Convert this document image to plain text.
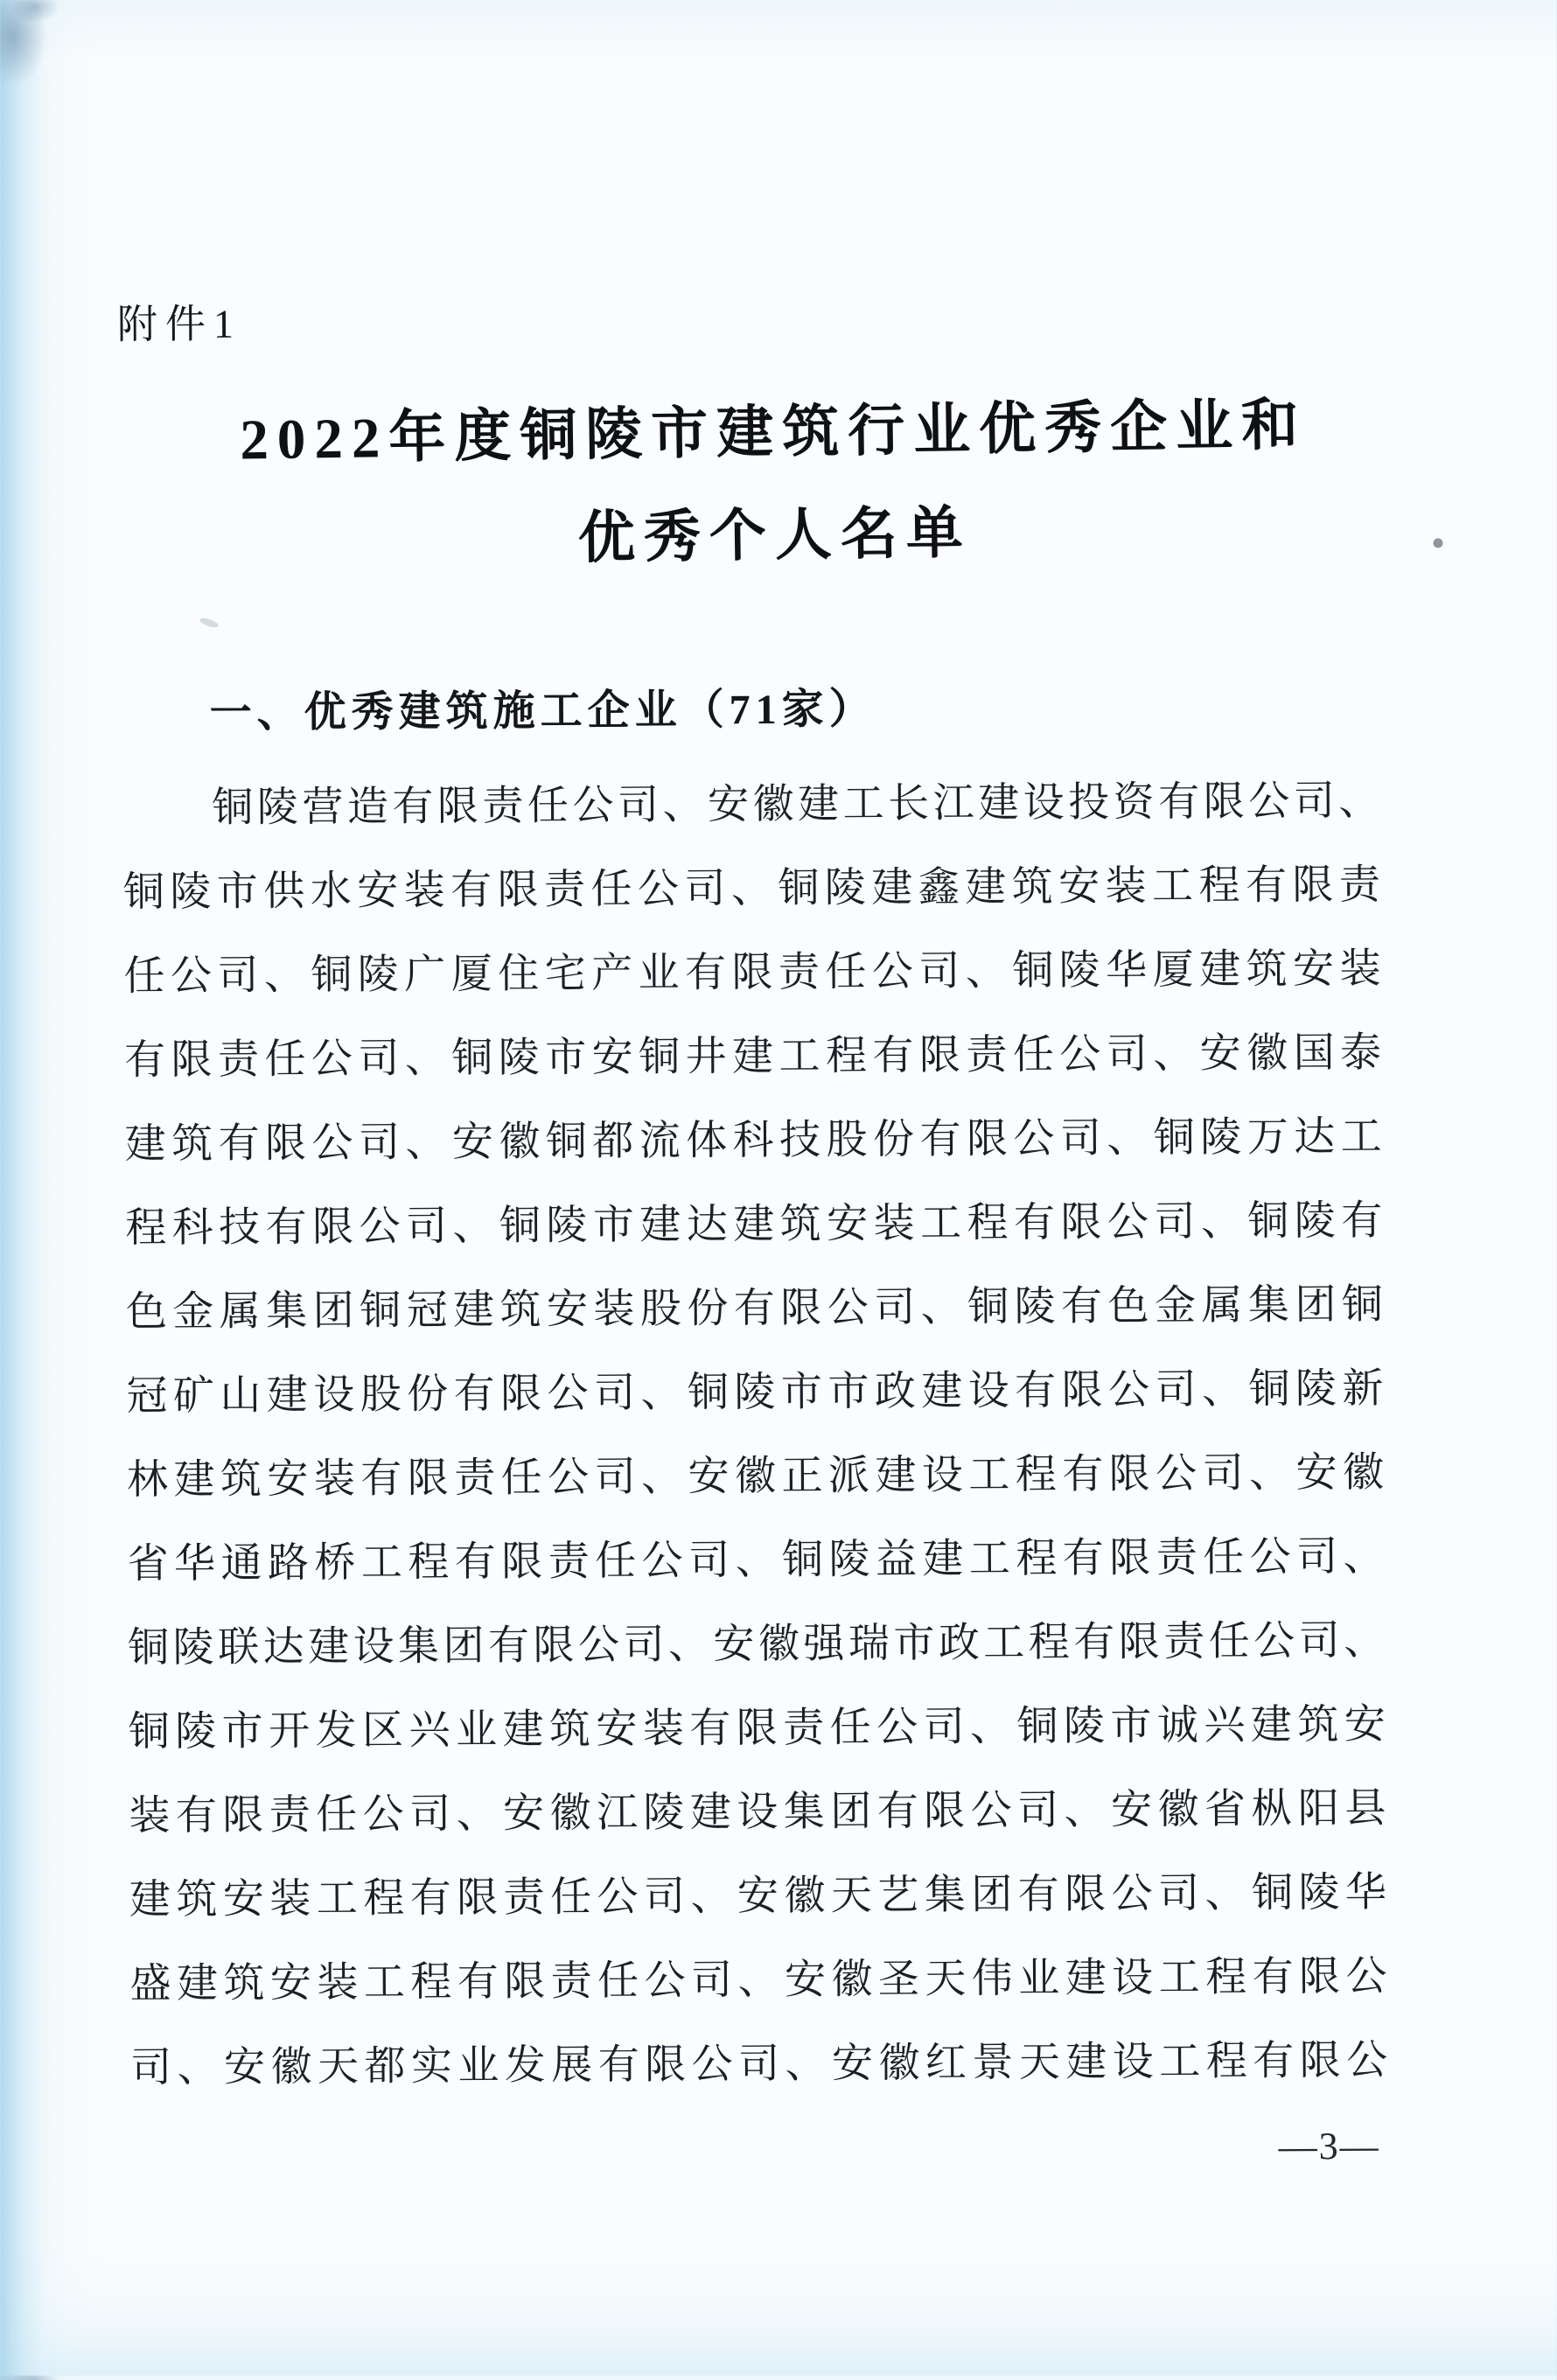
附件1
2022年度铜陵市建筑行业优秀企业和
优秀个人名单
一、优秀建筑施工企业（71家）
铜陵营造有限责任公司、安徽建工长江建设投资有限公司、
铜陵市供水安装有限责任公司、铜陵建鑫建筑安装工程有限责
任公司、铜陵广厦住宅产业有限责任公司、铜陵华厦建筑安装
有限责任公司、铜陵市安铜井建工程有限责任公司、安徽国泰
建筑有限公司、安徽铜都流体科技股份有限公司、铜陵万达工
程科技有限公司、铜陵市建达建筑安装工程有限公司、铜陵有
色金属集团铜冠建筑安装股份有限公司、铜陵有色金属集团铜
冠矿山建设股份有限公司、铜陵市市政建设有限公司、铜陵新
林建筑安装有限责任公司、安徽正派建设工程有限公司、安徽
省华通路桥工程有限责任公司、铜陵益建工程有限责任公司、
铜陵联达建设集团有限公司、安徽强瑞市政工程有限责任公司、
铜陵市开发区兴业建筑安装有限责任公司、铜陵市诚兴建筑安
装有限责任公司、安徽江陵建设集团有限公司、安徽省枞阳县
建筑安装工程有限责任公司、安徽天艺集团有限公司、铜陵华
盛建筑安装工程有限责任公司、安徽圣天伟业建设工程有限公
司、安徽天都实业发展有限公司、安徽红景天建设工程有限公
—3—
